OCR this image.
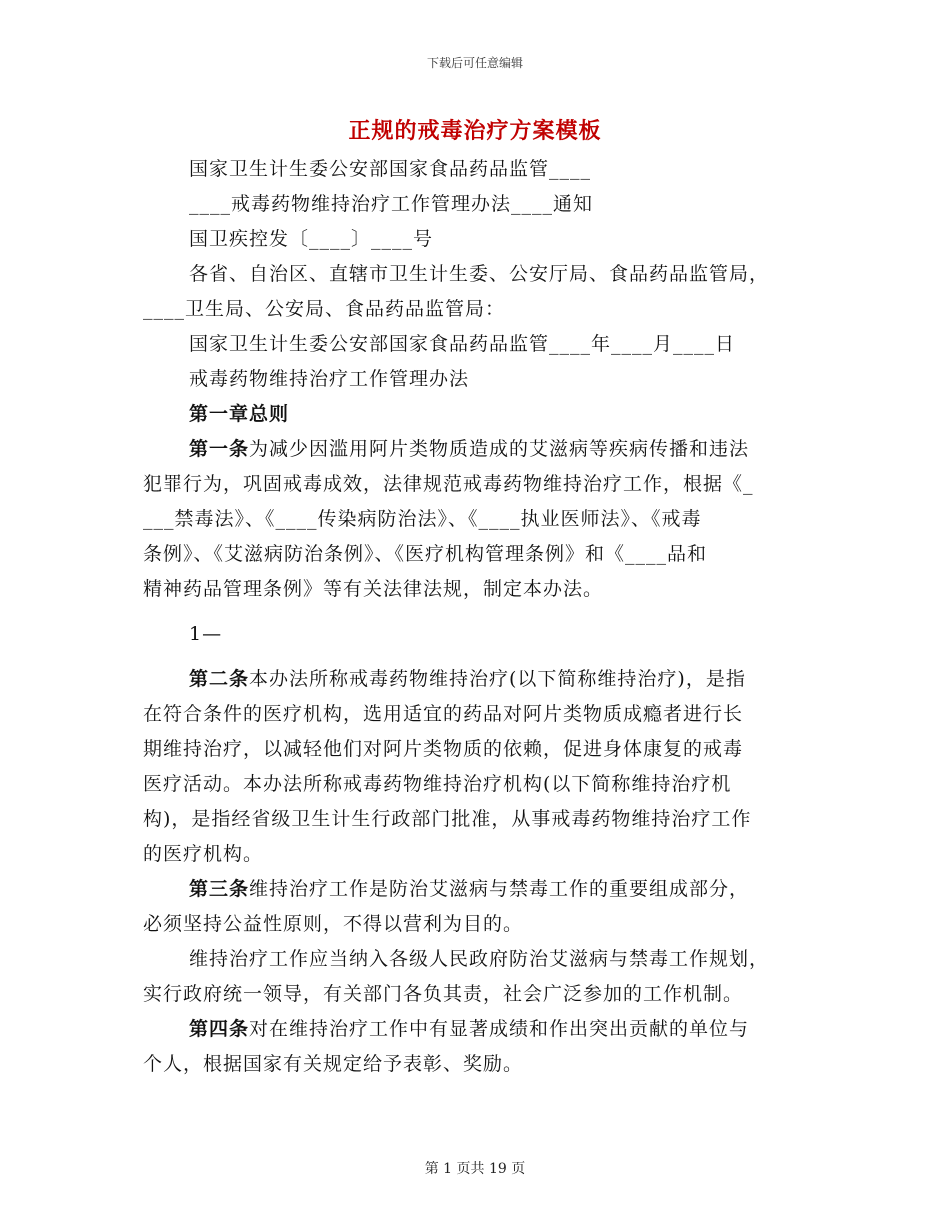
下载后可任意编辑
正规的戒毒治疗方案模板
国家卫生计生委公安部国家食品药品监管____
____戒毒药物维持治疗工作管理办法____通知
国卫疾控发〔____〕____号
各省、自治区、直辖市卫生计生委、公安厅局、食品药品监管局，
____卫生局、公安局、食品药品监管局：
国家卫生计生委公安部国家食品药品监管____年____月____日
戒毒药物维持治疗工作管理办法
第一章总则
第一条为减少因滥用阿片类物质造成的艾滋病等疾病传播和违法
犯罪行为，巩固戒毒成效，法律规范戒毒药物维持治疗工作，根据《_
___禁毒法》、《____传染病防治法》、《____执业医师法》、《戒毒
条例》、《艾滋病防治条例》、《医疗机构管理条例》和《____品和
精神药品管理条例》等有关法律法规，制定本办法。
1—
第二条本办法所称戒毒药物维持治疗(以下简称维持治疗)，是指
在符合条件的医疗机构，选用适宜的药品对阿片类物质成瘾者进行长
期维持治疗，以减轻他们对阿片类物质的依赖，促进身体康复的戒毒
医疗活动。本办法所称戒毒药物维持治疗机构(以下简称维持治疗机
构)，是指经省级卫生计生行政部门批准，从事戒毒药物维持治疗工作
的医疗机构。
第三条维持治疗工作是防治艾滋病与禁毒工作的重要组成部分，
必须坚持公益性原则，不得以营利为目的。
维持治疗工作应当纳入各级人民政府防治艾滋病与禁毒工作规划，
实行政府统一领导，有关部门各负其责，社会广泛参加的工作机制。
第四条对在维持治疗工作中有显著成绩和作出突出贡献的单位与
个人，根据国家有关规定给予表彰、奖励。
第 1 页共 19 页
